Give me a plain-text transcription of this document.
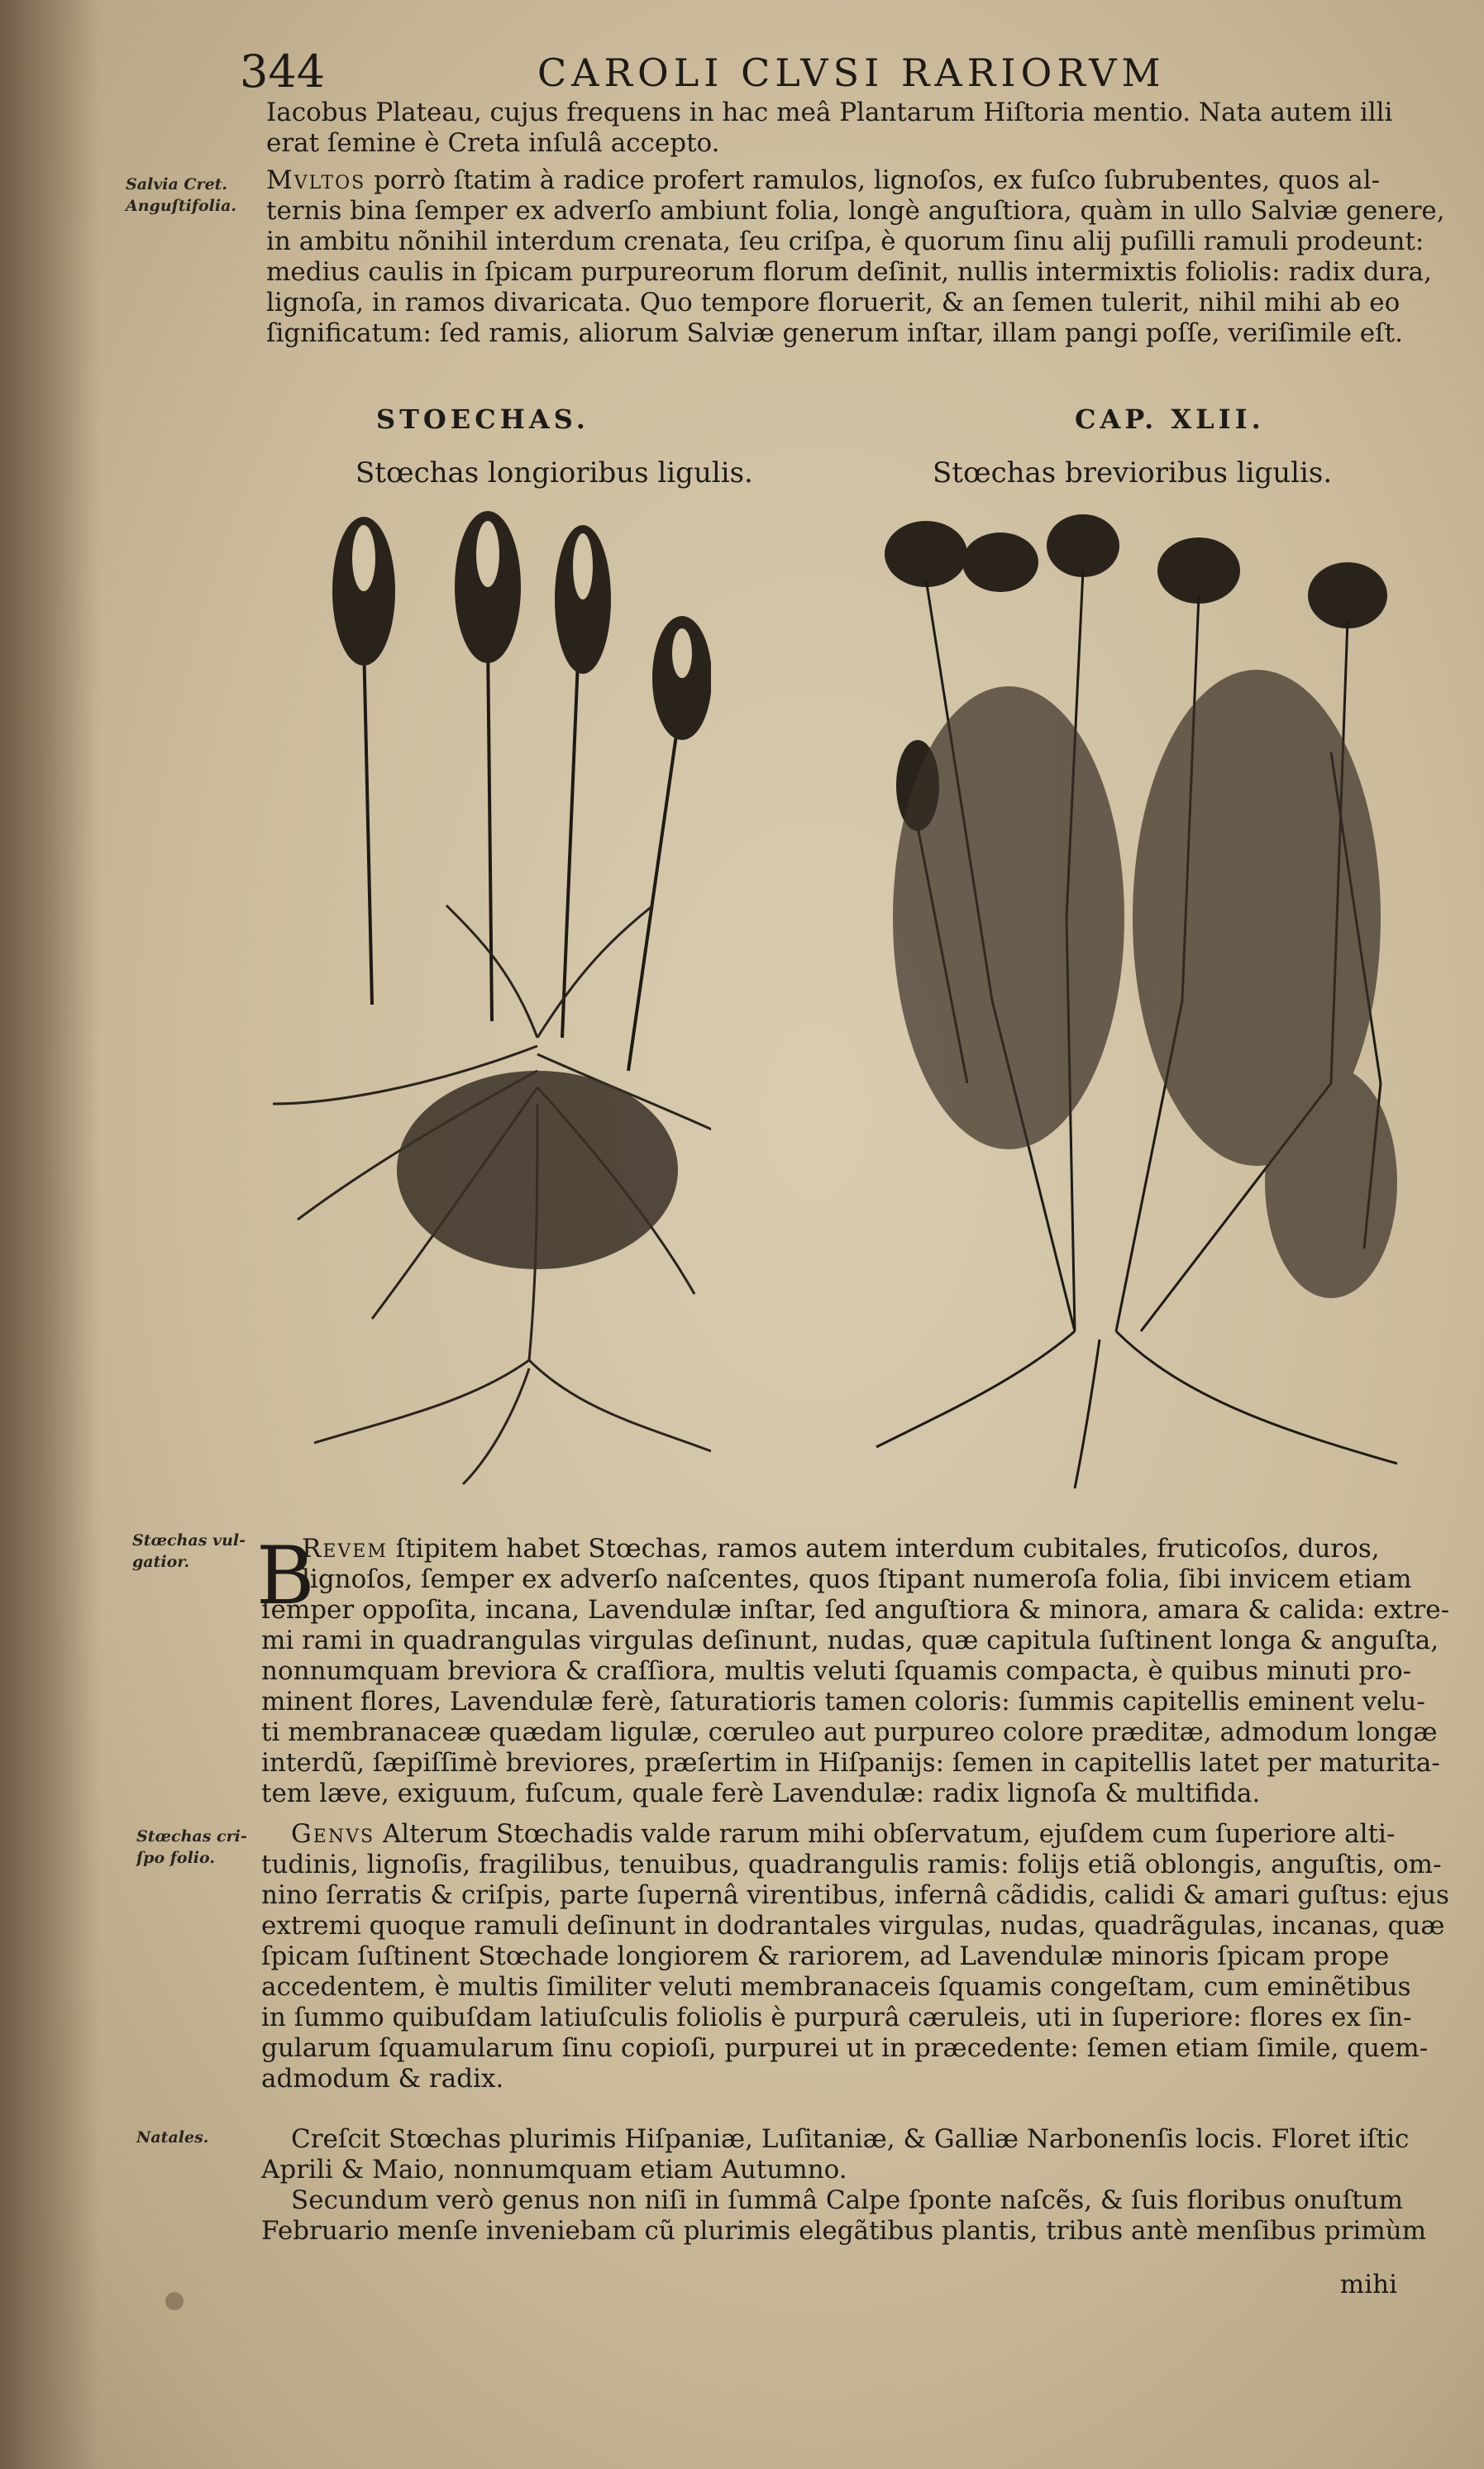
344	CAROLI CLVSI RARIORVM
Iacobus Plateau, cujus frequens in hac meâ Plantarum Hiſtoria mentio. Nata autem illi
erat ſemine è Creta inſulâ accepto.
Salvia Cret.
Anguſtifolia.
Mvltos porrò ſtatim à radice profert ramulos, lignoſos, ex fuſco ſubrubentes, quos al-
ternis bina ſemper ex adverſo ambiunt folia, longè anguſtiora, quàm in ullo Salviæ genere,
in ambitu nõnihil interdum crenata, ſeu criſpa, è quorum ſinu alij puſilli ramuli prodeunt:
medius caulis in ſpicam purpureorum florum deſinit, nullis intermixtis foliolis: radix dura,
lignoſa, in ramos divaricata. Quo tempore floruerit, & an ſemen tulerit, nihil mihi ab eo
ſignificatum: ſed ramis, aliorum Salviæ generum inſtar, illam pangi poſſe, veriſimile eſt.
STOECHAS.	CAP. XLII.
Stœchas longioribus ligulis.	Stœchas brevioribus ligulis.
Stœchas vul-
gatior. B
Revem ſtipitem habet Stœchas, ramos autem interdum cubitales, fruticoſos, duros,
lignoſos, ſemper ex adverſo naſcentes, quos ſtipant numeroſa folia, ſibi invicem etiam
ſemper oppoſita, incana, Lavendulæ inſtar, ſed anguſtiora & minora, amara & calida: extre-
mi rami in quadrangulas virgulas deſinunt, nudas, quæ capitula ſuſtinent longa & anguſta,
nonnumquam breviora & craſſiora, multis veluti ſquamis compacta, è quibus minuti pro-
minent flores, Lavendulæ ferè, ſaturatioris tamen coloris: ſummis capitellis eminent velu-
ti membranaceæ quædam ligulæ, cœruleo aut purpureo colore præditæ, admodum longæ
interdũ, ſæpiſſimè breviores, præſertim in Hiſpanijs: ſemen in capitellis latet per maturita-
tem læve, exiguum, fuſcum, quale ferè Lavendulæ: radix lignoſa & multifida.
Stœchas cri-
ſpo folio.
Genvs Alterum Stœchadis valde rarum mihi obſervatum, ejuſdem cum ſuperiore alti-
tudinis, lignoſis, fragilibus, tenuibus, quadrangulis ramis: folijs etiã oblongis, anguſtis, om-
nino ſerratis & criſpis, parte ſupernâ virentibus, infernâ cãdidis, calidi & amari guſtus: ejus
extremi quoque ramuli deſinunt in dodrantales virgulas, nudas, quadrãgulas, incanas, quæ
ſpicam ſuſtinent Stœchade longiorem & rariorem, ad Lavendulæ minoris ſpicam prope
accedentem, è multis ſimiliter veluti membranaceis ſquamis congeſtam, cum eminẽtibus
in ſummo quibuſdam latiuſculis foliolis è purpurâ cæruleis, uti in ſuperiore: flores ex ſin-
gularum ſquamularum ſinu copioſi, purpurei ut in præcedente: ſemen etiam ſimile, quem-
admodum & radix.
Natales.	Creſcit Stœchas plurimis Hiſpaniæ, Luſitaniæ, & Galliæ Narbonenſis locis. Floret iſtic
Aprili & Maio, nonnumquam etiam Autumno.
Secundum verò genus non niſi in ſummâ Calpe ſponte naſcẽs, & ſuis floribus onuſtum
Februario menſe inveniebam cũ plurimis elegãtibus plantis, tribus antè menſibus primùm
mihi
